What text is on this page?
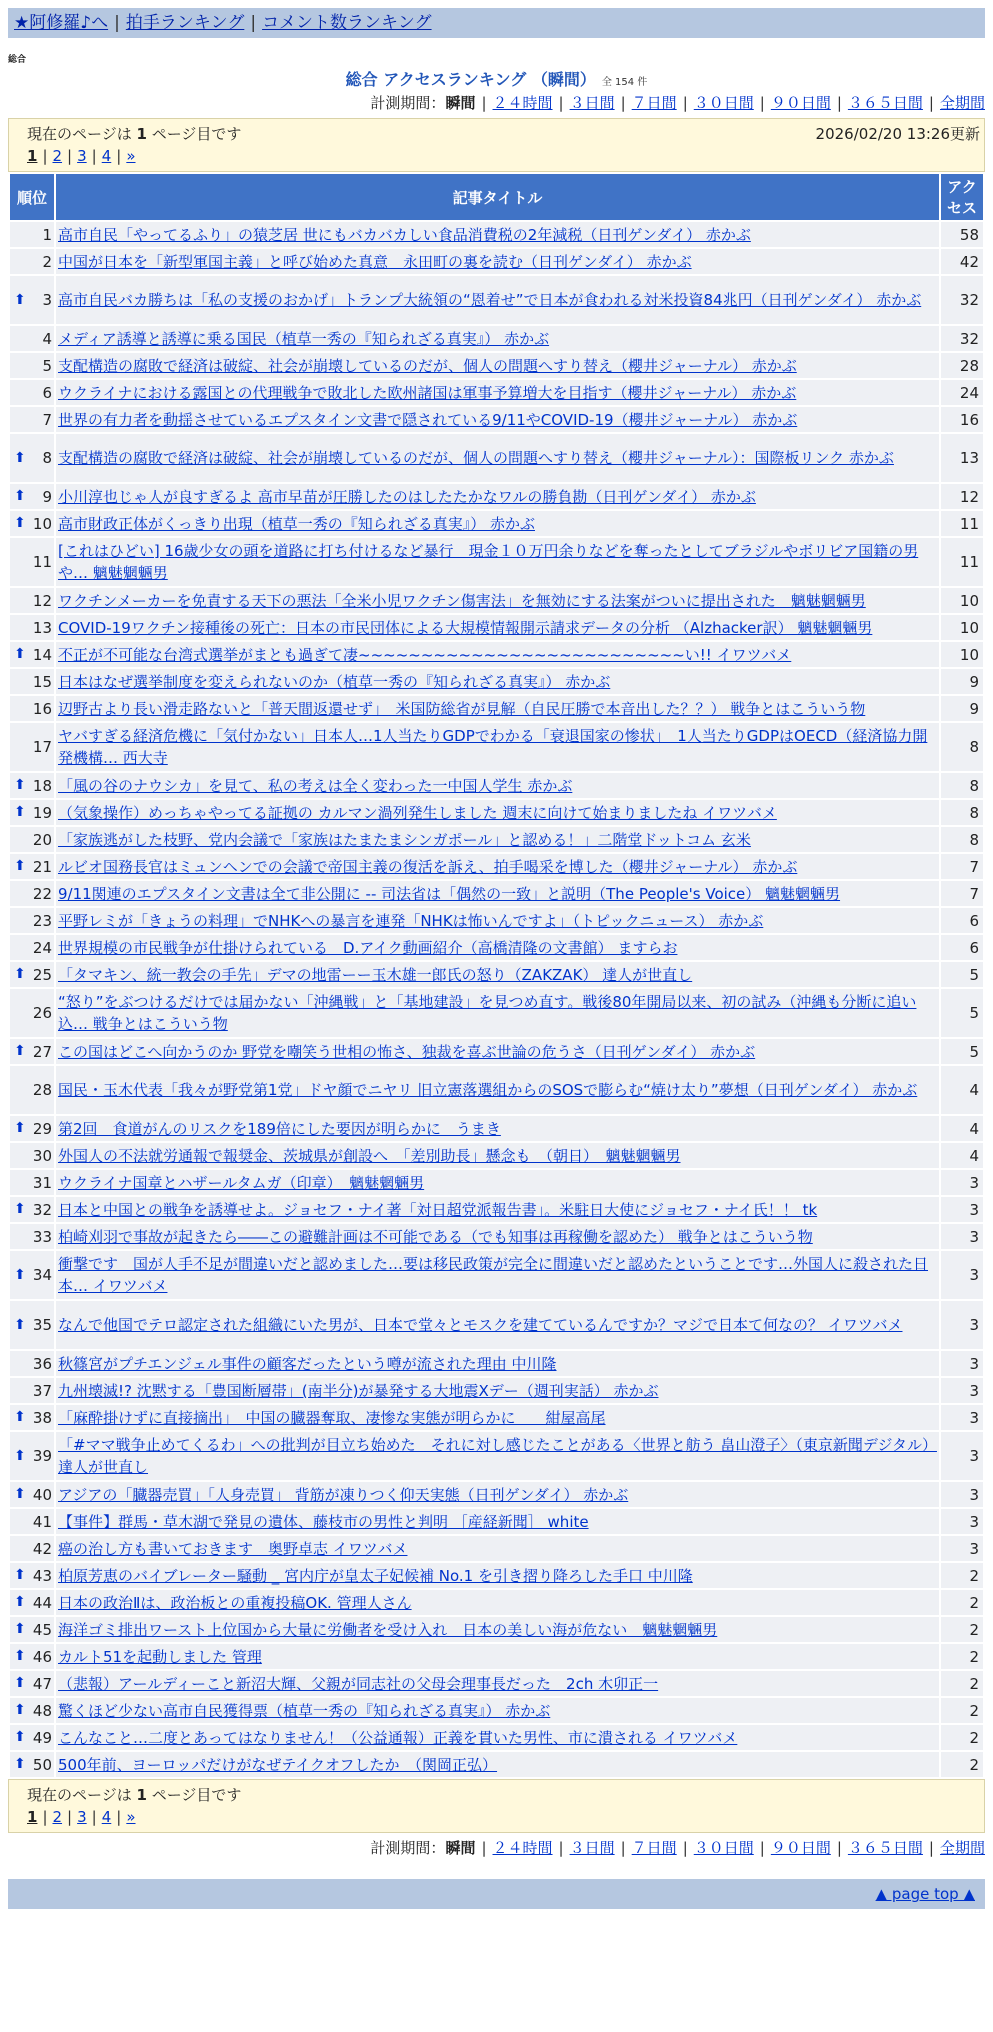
★阿修羅♪へ | 拍手ランキング | コメント数ランキング
総合
総合 アクセスランキング （瞬間） 全 154 件
計測期間：瞬間 | ２４時間 | ３日間 | ７日間 | ３０日間 | ９０日間 | ３６５日間 | 全期間
現在のページは 1 ページ目です	2026/02/20 13:26更新
1 | 2 | 3 | 4 | »
順位	記事タイトル	アクセス
1	高市自民「やってるふり」の猿芝居 世にもバカバカしい食品消費税の2年減税（日刊ゲンダイ） 赤かぶ	58
2	中国が日本を「新型軍国主義」と呼び始めた真意　永田町の裏を読む（日刊ゲンダイ） 赤かぶ	42

⬆ 3	高市自民バカ勝ちは「私の支援のおかげ」トランプ大統領の“恩着せ”で日本が食われる対米投資84兆円（日刊ゲンダイ） 赤かぶ	32
4	メディア誘導と誘導に乗る国民（植草一秀の『知られざる真実』） 赤かぶ	32
5	支配構造の腐敗で経済は破綻、社会が崩壊しているのだが、個人の問題へすり替え（櫻井ジャーナル） 赤かぶ	28
6	ウクライナにおける露国との代理戦争で敗北した欧州諸国は軍事予算増大を目指す（櫻井ジャーナル） 赤かぶ	24
7	世界の有力者を動揺させているエプスタイン文書で隠されている9/11やCOVID-19（櫻井ジャーナル） 赤かぶ	16

⬆ 8	支配構造の腐敗で経済は破綻、社会が崩壊しているのだが、個人の問題へすり替え（櫻井ジャーナル）：国際板リンク 赤かぶ	13

⬆ 9	小川淳也じゃ人が良すぎるよ 高市早苗が圧勝したのはしたたかなワルの勝負勘（日刊ゲンダイ） 赤かぶ	12

⬆ 10	高市財政正体がくっきり出現（植草一秀の『知られざる真実』） 赤かぶ	11
11	[これはひどい] 16歳少女の頭を道路に打ち付けるなど暴行　現金１０万円余りなどを奪ったとしてブラジルやボリビア国籍の男や… 魑魅魍魎男	11
12	ワクチンメーカーを免責する天下の悪法「全米小児ワクチン傷害法」を無効にする法案がついに提出された　魑魅魍魎男	10
13	COVID-19ワクチン接種後の死亡：日本の市民団体による大規模情報開示請求データの分析 （Alzhacker訳） 魑魅魍魎男	10

⬆ 14	不正が不可能な台湾式選挙がまとも過ぎて凄~~~~~~~~~~~~~~~~~~~~~~~~~~い!! イワツバメ	10
15	日本はなぜ選挙制度を変えられないのか（植草一秀の『知られざる真実』） 赤かぶ	9
16	辺野古より長い滑走路ないと「普天間返還せず」　米国防総省が見解（自民圧勝で本音出した？？） 戦争とはこういう物	9
17	ヤバすぎる経済危機に「気付かない」日本人…1人当たりGDPでわかる「衰退国家の惨状」　1人当たりGDPはOECD（経済協力開発機構… 西大寺	8

⬆ 18	「風の谷のナウシカ」を見て、私の考えは全く変わった一中国人学生 赤かぶ	8

⬆ 19	（気象操作）めっちゃやってる証拠の カルマン渦列発生しました 週末に向けて始まりましたね イワツバメ	8
20	「家族逃がした枝野、党内会議で「家族はたまたまシンガポール」と認める！」二階堂ドットコム 玄米	8

⬆ 21	ルビオ国務長官はミュンヘンでの会議で帝国主義の復活を訴え、拍手喝采を博した（櫻井ジャーナル） 赤かぶ	7
22	9/11関連のエプスタイン文書は全て非公開に -- 司法省は「偶然の一致」と説明（The People's Voice） 魑魅魍魎男	7
23	平野レミが「きょうの料理」でNHKへの暴言を連発「NHKは怖いんですよ」（トピックニュース） 赤かぶ	6
24	世界規模の市民戦争が仕掛けられている　D.アイク動画紹介（高橋清隆の文書館） ますらお	6

⬆ 25	「タマキン、統一教会の手先」デマの地雷ーー玉木雄一郎氏の怒り（ZAKZAK） 達人が世直し	5
26	“怒り”をぶつけるだけでは届かない「沖縄戦」と「基地建設」を見つめ直す。戦後80年開局以来、初の試み（沖縄も分断に追い込… 戦争とはこういう物	5

⬆ 27	この国はどこへ向かうのか 野党を嘲笑う世相の怖さ、独裁を喜ぶ世論の危うさ（日刊ゲンダイ） 赤かぶ	5
28	国民・玉木代表「我々が野党第1党」ドヤ顔でニヤリ 旧立憲落選組からのSOSで膨らむ“焼け太り”夢想（日刊ゲンダイ） 赤かぶ	4

⬆ 29	第2回　食道がんのリスクを189倍にした要因が明らかに　うまき	4
30	外国人の不法就労通報で報奨金、茨城県が創設へ　「差別助長」懸念も　（朝日）　魑魅魍魎男	4
31	ウクライナ国章とハザールタムガ（印章）　魑魅魍魎男	3

⬆ 32	日本と中国との戦争を誘導せよ。ジョセフ・ナイ著「対日超党派報告書」。米駐日大使にジョセフ・ナイ氏！！ tk	3
33	柏崎刈羽で事故が起きたら――この避難計画は不可能である（でも知事は再稼働を認めた） 戦争とはこういう物	3

⬆ 34	衝撃です　国が人手不足が間違いだと認めました…要は移民政策が完全に間違いだと認めたということです…外国人に殺された日本… イワツバメ	3

⬆ 35	なんで他国でテロ認定された組織にいた男が、日本で堂々とモスクを建てているんですか？マジで日本て何なの？ イワツバメ	3
36	秋篠宮がプチエンジェル事件の顧客だったという噂が流された理由 中川隆	3
37	九州壊滅!? 沈黙する「豊国断層帯」(南半分)が暴発する大地震Xデー（週刊実話） 赤かぶ	3

⬆ 38	「麻酔掛けずに直接摘出」　中国の臓器奪取、凄惨な実態が明らかに　　紺屋高尾	3

⬆ 39	「#ママ戦争止めてくるわ」への批判が目立ち始めた　それに対し感じたことがある〈世界と舫う 畠山澄子〉（東京新聞デジタル） 達人が世直し	3

⬆ 40	アジアの「臓器売買」「人身売買」 背筋が凍りつく仰天実態（日刊ゲンダイ） 赤かぶ	3
41	【事件】群馬・草木湖で発見の遺体、藤枝市の男性と判明 ［産経新聞］ white	3
42	癌の治し方も書いておきます　奥野卓志 イワツバメ	3

⬆ 43	柏原芳恵のバイブレーター騒動 _ 宮内庁が皇太子妃候補 No.1 を引き摺り降ろした手口 中川隆	2

⬆ 44	日本の政治Ⅱは、政治板との重複投稿OK. 管理人さん	2

⬆ 45	海洋ゴミ排出ワースト上位国から大量に労働者を受け入れ　日本の美しい海が危ない　魑魅魍魎男	2

⬆ 46	カルト51を起動しました 管理	2

⬆ 47	（悲報）アールディーこと新沼大輝、父親が同志社の父母会理事長だった　2ch 木卯正一	2

⬆ 48	驚くほど少ない高市自民獲得票（植草一秀の『知られざる真実』） 赤かぶ	2

⬆ 49	こんなこと…二度とあってはなりません！（公益通報）正義を貫いた男性、市に潰される イワツバメ	2

⬆ 50	500年前、ヨーロッパだけがなぜテイクオフしたか　（関岡正弘）	2
現在のページは 1 ページ目です
1 | 2 | 3 | 4 | »
計測期間：瞬間 | ２４時間 | ３日間 | ７日間 | ３０日間 | ９０日間 | ３６５日間 | 全期間
▲ page top ▲
